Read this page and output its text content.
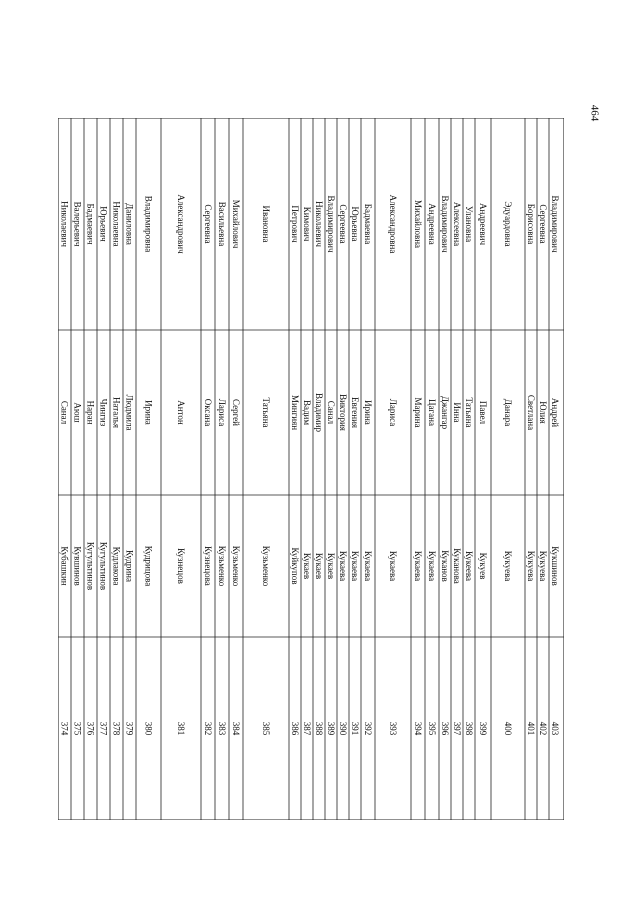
464
Николаевич
Санал
Кубашкин
374
Валерьевич
Аюш
Кувшинов
375
Бадмаевич
Наран
Кугультинов
376
Юрьевич
Чингиз
Кугультинов
377
Николаевна
Наталья
Кудлакова
378
Даниловна
Людмила
Кудрина
379
Владимировна
Ирина
Кудрицова
380
Александрович
Антон
Кузнецов
381
Сергеевна
Оксана
Кузнецова
382
Васильевна
Лариса
Кузьменко
383
Михайлович
Сергей
Кузьменко
384
Ивановна
Татьяна
Кузьменко
385
Петрович
Мингиян
Куйкупов
386
Кимович
Вадим
Кукаев
387
Николаевич
Владимир
Кукаев
388
Владимирович
Санал
Кукаев
389
Сергеевна
Виктория
Кукаева
390
Юрьевна
Евгения
Кукаева
391
Бадмаевна
Ирина
Кукаева
392
Александровна
Лариса
Кукаева
393
Михайловна
Марина
Кукаева
394
Андреевна
Цагана
Кукаева
395
Владимирович
Джангар
Куканов
396
Алексеевна
Инна
Куканова
397
Улановна
Татьяна
Кукеева
398
Андреевич
Павел
Кукуев
399
Эдуардовна
Данара
Кукуева
400
Борисовна
Светлана
Кукуева
401
Сергеевна
Юлия
Кукуева
402
Владимирович
Андрей
Кукшинов
403
